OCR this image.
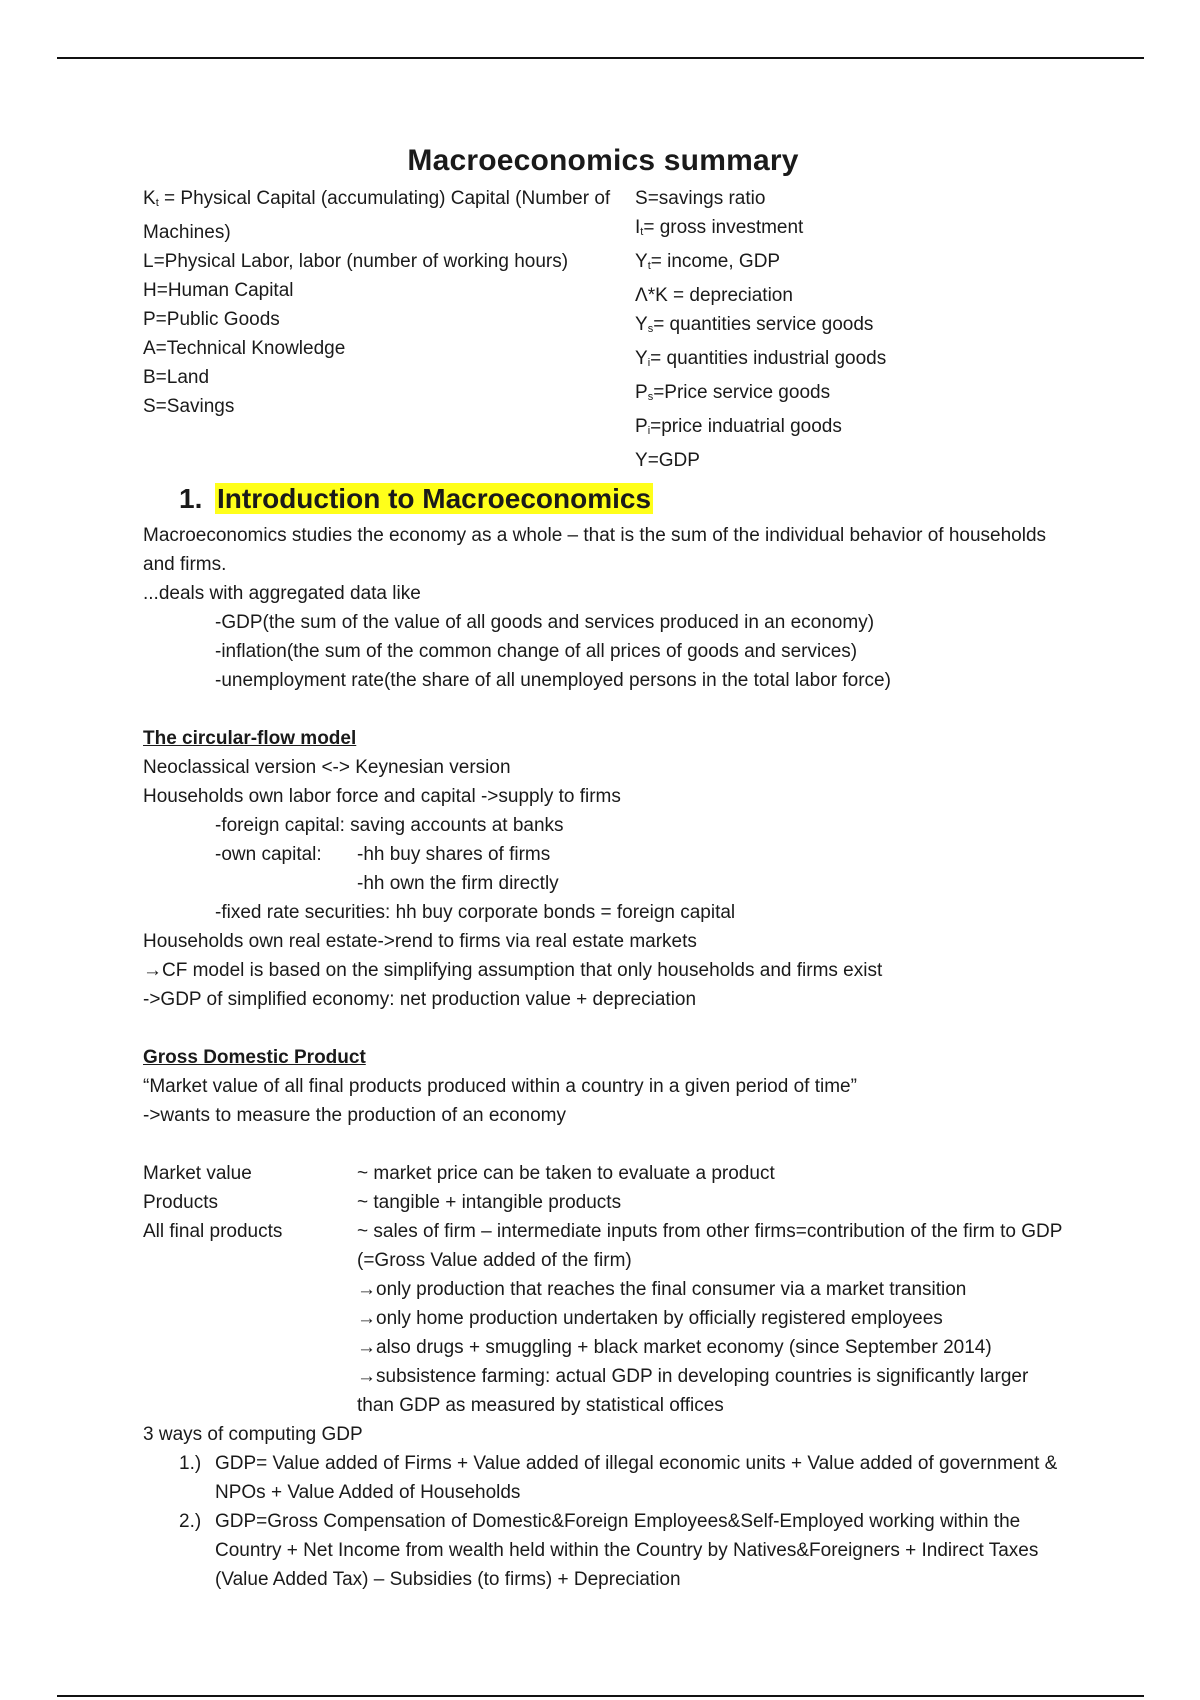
Macroeconomics summary
Kt = Physical Capital (accumulating) Capital (Number of Machines)
L=Physical Labor, labor (number of working hours)
H=Human Capital
P=Public Goods
A=Technical Knowledge
B=Land
S=Savings
S=savings ratio
It= gross investment
Yt= income, GDP
Λ*K = depreciation
Ys= quantities service goods
Yi= quantities industrial goods
Ps=Price service goods
Pi=price induatrial goods
Y=GDP
1. Introduction to Macroeconomics
Macroeconomics studies the economy as a whole – that is the sum of the individual behavior of households and firms.
...deals with aggregated data like
-GDP(the sum of the value of all goods and services produced in an economy)
-inflation(the sum of the common change of all prices of goods and services)
-unemployment rate(the share of all unemployed persons in the total labor force)
The circular-flow model
Neoclassical version <-> Keynesian version
Households own labor force and capital ->supply to firms
-foreign capital: saving accounts at banks
-own capital:	-hh buy shares of firms
-hh own the firm directly
-fixed rate securities: hh buy corporate bonds = foreign capital
Households own real estate->rend to firms via real estate markets
→CF model is based on the simplifying assumption that only households and firms exist
->GDP of simplified economy: net production value + depreciation
Gross Domestic Product
“Market value of all final products produced within a country in a given period of time”
->wants to measure the production of an economy
Market value	~ market price can be taken to evaluate a product
Products	~ tangible + intangible products
All final products	~ sales of firm – intermediate inputs from other firms=contribution of the firm to GDP (=Gross Value added of the firm)
→only production that reaches the final consumer via a market transition
→only home production undertaken by officially registered employees
→also drugs + smuggling + black market economy (since September 2014)
→subsistence farming: actual GDP in developing countries is significantly larger than GDP as measured by statistical offices
3 ways of computing GDP
1.) GDP= Value added of Firms + Value added of illegal economic units + Value added of government & NPOs + Value Added of Households
2.) GDP=Gross Compensation of Domestic&Foreign Employees&Self-Employed working within the Country + Net Income from wealth held within the Country by Natives&Foreigners + Indirect Taxes (Value Added Tax) – Subsidies (to firms) + Depreciation
